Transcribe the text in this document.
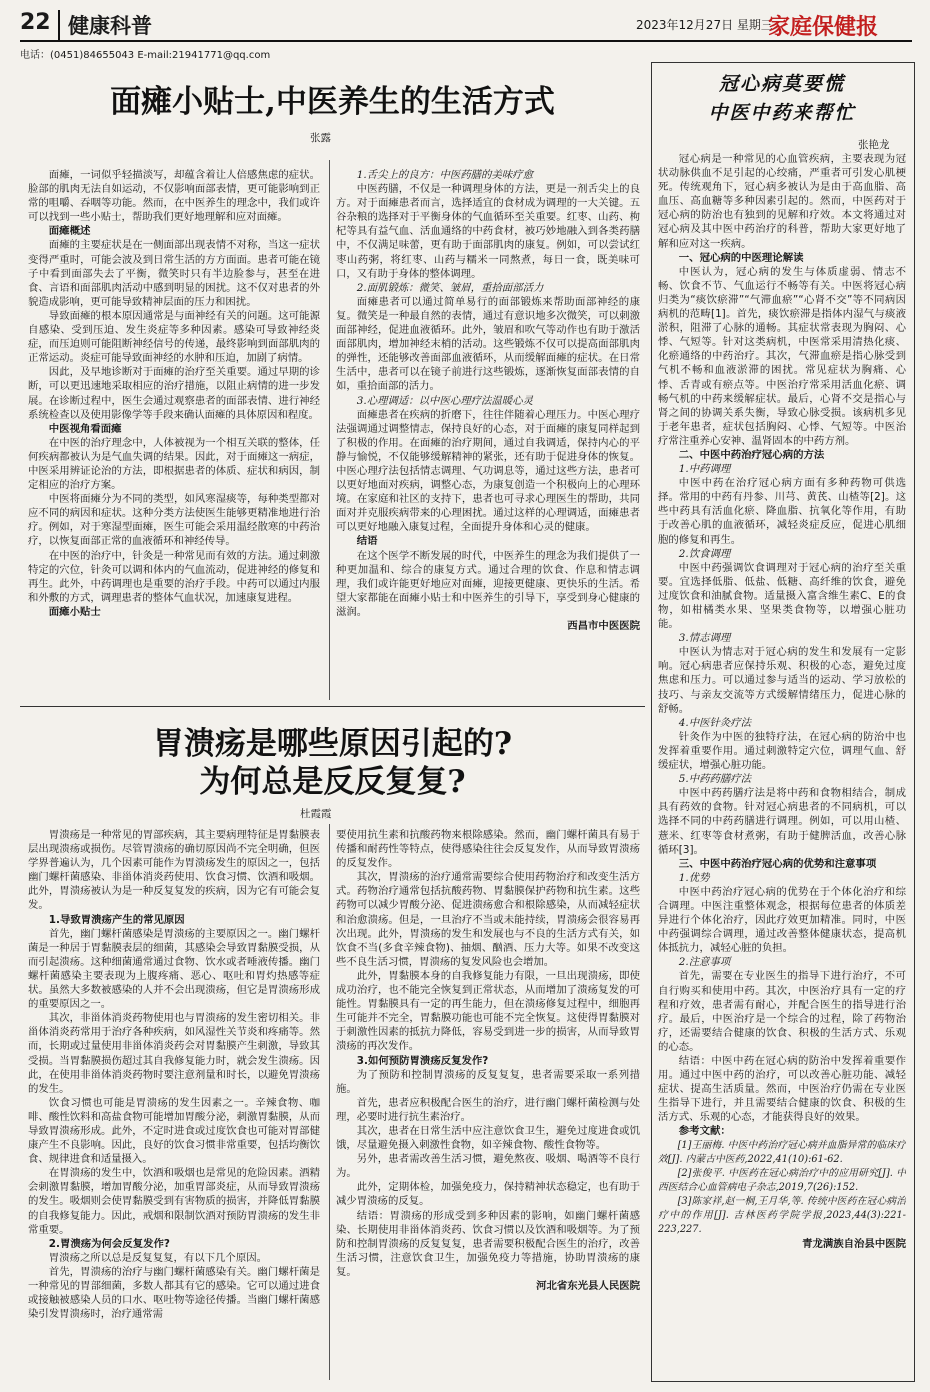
22 健康科普	2023年12月27日 星期三
家庭保健报
电话：(0451)84655043 E-mail:21941771@qq.com
面瘫小贴士,中医养生的生活方式
张露

面瘫，一词似乎轻描淡写，却蕴含着让人倍感焦虑的症状。脸部的肌肉无法自如运动，不仅影响面部表情，更可能影响到正常的咀嚼、吞咽等功能。然而，在中医养生的理念中，我们或许可以找到一些小贴士，帮助我们更好地理解和应对面瘫。

面瘫概述

面瘫的主要症状是在一侧面部出现表情不对称，当这一症状变得严重时，可能会波及到日常生活的方方面面。患者可能在镜子中看到面部失去了平衡，微笑时只有半边脸参与，甚至在进食、言语和面部肌肉活动中感到明显的困扰。这不仅对患者的外貌造成影响，更可能导致精神层面的压力和困扰。

导致面瘫的根本原因通常是与面神经有关的问题。这可能源自感染、受到压迫、发生炎症等多种因素。感染可导致神经炎症，而压迫则可能阻断神经信号的传递，最终影响到面部肌肉的正常运动。炎症可能导致面神经的水肿和压迫，加剧了病情。

因此，及早地诊断对于面瘫的治疗至关重要。通过早期的诊断，可以更迅速地采取相应的治疗措施，以阻止病情的进一步发展。在诊断过程中，医生会通过观察患者的面部表情、进行神经系统检查以及使用影像学等手段来确认面瘫的具体原因和程度。

中医视角看面瘫

在中医的治疗理念中，人体被视为一个相互关联的整体，任何疾病都被认为是气血失调的结果。因此，对于面瘫这一病症，中医采用辨证论治的方法，即根据患者的体质、症状和病因，制定相应的治疗方案。

中医将面瘫分为不同的类型，如风寒湿痰等，每种类型都对应不同的病因和症状。这种分类方法使医生能够更精准地进行治疗。例如，对于寒湿型面瘫，医生可能会采用温经散寒的中药治疗，以恢复面部正常的血液循环和神经传导。

在中医的治疗中，针灸是一种常见而有效的方法。通过刺激特定的穴位，针灸可以调和体内的气血流动，促进神经的修复和再生。此外，中药调理也是重要的治疗手段。中药可以通过内服和外敷的方式，调理患者的整体气血状况，加速康复进程。

面瘫小贴士
1.舌尖上的良方：中医药膳的美味疗愈

中医药膳，不仅是一种调理身体的方法，更是一剂舌尖上的良方。对于面瘫患者而言，选择适宜的食材成为调理的一大关键。五谷杂粮的选择对于平衡身体的气血循环至关重要。红枣、山药、枸杞等具有益气血、活血通络的中药食材，被巧妙地融入到各类药膳中，不仅满足味蕾，更有助于面部肌肉的康复。例如，可以尝试红枣山药粥，将红枣、山药与糯米一同熬煮，每日一食，既美味可口，又有助于身体的整体调理。

2.面肌锻炼：微笑、皱眉，重拾面部活力

面瘫患者可以通过简单易行的面部锻炼来帮助面部神经的康复。微笑是一种最自然的表情，通过有意识地多次微笑，可以刺激面部神经，促进血液循环。此外，皱眉和吹气等动作也有助于激活面部肌肉，增加神经末梢的活动。这些锻炼不仅可以提高面部肌肉的弹性，还能够改善面部血液循环，从而缓解面瘫的症状。在日常生活中，患者可以在镜子前进行这些锻炼，逐渐恢复面部表情的自如，重拾面部的活力。

3.心理调适：以中医心理疗法温暖心灵

面瘫患者在疾病的折磨下，往往伴随着心理压力。中医心理疗法强调通过调整情志，保持良好的心态，对于面瘫的康复同样起到了积极的作用。在面瘫的治疗期间，通过自我调适，保持内心的平静与愉悦，不仅能够缓解精神的紧张，还有助于促进身体的恢复。中医心理疗法包括情志调理、气功调息等，通过这些方法，患者可以更好地面对疾病，调整心态，为康复创造一个积极向上的心理环境。在家庭和社区的支持下，患者也可寻求心理医生的帮助，共同面对并克服疾病带来的心理困扰。通过这样的心理调适，面瘫患者可以更好地融入康复过程，全面提升身体和心灵的健康。

结语

在这个医学不断发展的时代，中医养生的理念为我们提供了一种更加温和、综合的康复方式。通过合理的饮食、作息和情志调理，我们或许能更好地应对面瘫，迎接更健康、更快乐的生活。希望大家都能在面瘫小贴士和中医养生的引导下，享受到身心健康的滋润。

西昌市中医医院

胃溃疡是哪些原因引起的?
为何总是反反复复?
杜霞霞

胃溃疡是一种常见的胃部疾病，其主要病理特征是胃黏膜表层出现溃疡或损伤。尽管胃溃疡的确切原因尚不完全明确，但医学界普遍认为，几个因素可能作为胃溃疡发生的原因之一，包括幽门螺杆菌感染、非甾体消炎药使用、饮食习惯、饮酒和吸烟。此外，胃溃疡被认为是一种反复复发的疾病，因为它有可能会复发。

1.导致胃溃疡产生的常见原因

首先，幽门螺杆菌感染是胃溃疡的主要原因之一。幽门螺杆菌是一种居于胃黏膜表层的细菌，其感染会导致胃黏膜受损，从而引起溃疡。这种细菌通常通过食物、饮水或者唾液传播。幽门螺杆菌感染主要表现为上腹疼痛、恶心、呕吐和胃灼热感等症状。虽然大多数被感染的人并不会出现溃疡，但它是胃溃疡形成的重要原因之一。

其次，非甾体消炎药物使用也与胃溃疡的发生密切相关。非甾体消炎药常用于治疗各种疾病，如风湿性关节炎和疼痛等。然而，长期或过量使用非甾体消炎药会对胃黏膜产生刺激，导致其受损。当胃黏膜损伤超过其自我修复能力时，就会发生溃疡。因此，在使用非甾体消炎药物时要注意剂量和时长，以避免胃溃疡的发生。

饮食习惯也可能是胃溃疡的发生因素之一。辛辣食物、咖啡、酸性饮料和高盐食物可能增加胃酸分泌，刺激胃黏膜，从而导致胃溃疡形成。此外，不定时进食或过度饮食也可能对胃部健康产生不良影响。因此，良好的饮食习惯非常重要，包括均衡饮食、规律进食和适量摄入。

在胃溃疡的发生中，饮酒和吸烟也是常见的危险因素。酒精会刺激胃黏膜，增加胃酸分泌，加重胃部炎症，从而导致胃溃疡的发生。吸烟则会使胃黏膜受到有害物质的损害，并降低胃黏膜的自我修复能力。因此，戒烟和限制饮酒对预防胃溃疡的发生非常重要。

2.胃溃疡为何会反复发作?

胃溃疡之所以总是反复复复，有以下几个原因。

首先，胃溃疡的治疗与幽门螺杆菌感染有关。幽门螺杆菌是一种常见的胃部细菌，多数人都其有它的感染。它可以通过进食或接触被感染人员的口水、呕吐物等途径传播。当幽门螺杆菌感染引发胃溃疡时，治疗通常需

要使用抗生素和抗酸药物来根除感染。然而，幽门螺杆菌具有易于传播和耐药性等特点，使得感染往往会反复发作，从而导致胃溃疡的反复发作。

其次，胃溃疡的治疗通常需要综合使用药物治疗和改变生活方式。药物治疗通常包括抗酸药物、胃黏膜保护药物和抗生素。这些药物可以减少胃酸分泌、促进溃疡愈合和根除感染，从而减轻症状和治愈溃疡。但是，一旦治疗不当或未能持续，胃溃疡会很容易再次出现。此外，胃溃疡的发生和发展也与不良的生活方式有关，如饮食不当(多食辛辣食物)、抽烟、酗酒、压力大等。如果不改变这些不良生活习惯，胃溃疡的复发风险也会增加。

此外，胃黏膜本身的自我修复能力有限，一旦出现溃疡，即使成功治疗，也不能完全恢复到正常状态，从而增加了溃疡复发的可能性。胃黏膜具有一定的再生能力，但在溃疡修复过程中，细胞再生可能并不完全，胃黏膜功能也可能不完全恢复。这使得胃黏膜对于刺激性因素的抵抗力降低，容易受到进一步的损害，从而导致胃溃疡的再次发作。

3.如何预防胃溃疡反复发作?

为了预防和控制胃溃疡的反复复复，患者需要采取一系列措施。

首先，患者应积极配合医生的治疗，进行幽门螺杆菌检测与处理，必要时进行抗生素治疗。

其次，患者在日常生活中应注意饮食卫生，避免过度进食或饥饿，尽量避免摄入刺激性食物，如辛辣食物、酸性食物等。

另外，患者需改善生活习惯，避免熬夜、吸烟、喝酒等不良行为。

此外，定期体检，加强免疫力，保持精神状态稳定，也有助于减少胃溃疡的反复。

结语：胃溃疡的形成受到多种因素的影响，如幽门螺杆菌感染、长期使用非甾体消炎药、饮食习惯以及饮酒和吸烟等。为了预防和控制胃溃疡的反复复复，患者需要积极配合医生的治疗，改善生活习惯，注意饮食卫生，加强免疫力等措施，协助胃溃疡的康复。

河北省东光县人民医院

冠心病莫要慌
中医中药来帮忙
张艳龙

冠心病是一种常见的心血管疾病，主要表现为冠状动脉供血不足引起的心绞痛，严重者可引发心肌梗死。传统观角下，冠心病多被认为是由于高血脂、高血压、高血糖等多种因素引起的。然而，中医药对于冠心病的防治也有独到的见解和疗效。本文将通过对冠心病及其中医中药治疗的科普，帮助大家更好地了解和应对这一疾病。

一、冠心病的中医理论解读

中医认为，冠心病的发生与体质虚弱、情志不畅、饮食不节、气血运行不畅等有关。中医将冠心病归类为“痰饮瘀滞”“气滞血瘀”“心肾不交”等不同病因病机的范畴[1]。首先，痰饮瘀滞是指体内湿气与痰液淤积，阻滞了心脉的通畅。其症状常表现为胸闷、心悸、气短等。针对这类病机，中医常采用清热化痰、化瘀通络的中药治疗。其次，气滞血瘀是指心脉受到气机不畅和血液淤滞的困扰。常见症状为胸痛、心悸、舌青或有瘀点等。中医治疗常采用活血化瘀、调畅气机的中药来缓解症状。最后，心肾不交是指心与肾之间的协调关系失衡，导致心脉受损。该病机多见于老年患者，症状包括胸闷、心悸、气短等。中医治疗常注重养心安神、温肾固本的中药方剂。

二、中医中药治疗冠心病的方法
1.中药调理

中医中药在治疗冠心病方面有多种药物可供选择。常用的中药有丹参、川芎、黄芪、山楂等[2]。这些中药具有活血化瘀、降血脂、抗氧化等作用，有助于改善心肌的血液循环，减轻炎症反应，促进心肌细胞的修复和再生。

2.饮食调理

中医中药强调饮食调理对于冠心病的治疗至关重要。宜选择低脂、低盐、低糖、高纤维的饮食，避免过度饮食和油腻食物。适量摄入富含维生素C、E的食物，如柑橘类水果、坚果类食物等，以增强心脏功能。

3.情志调理

中医认为情志对于冠心病的发生和发展有一定影响。冠心病患者应保持乐观、积极的心态，避免过度焦虑和压力。可以通过参与适当的运动、学习放松的技巧、与亲友交流等方式缓解情绪压力，促进心脉的舒畅。

4.中医针灸疗法

针灸作为中医的独特疗法，在冠心病的防治中也发挥着重要作用。通过刺激特定穴位，调理气血、舒缓症状，增强心脏功能。

5.中药药膳疗法

中医中药药膳疗法是将中药和食物相结合，制成具有药效的食物。针对冠心病患者的不同病机，可以选择不同的中药药膳进行调理。例如，可以用山楂、薏米、红枣等食材煮粥，有助于健脾活血，改善心脉循环[3]。

三、中医中药治疗冠心病的优势和注意事项
1.优势

中医中药治疗冠心病的优势在于个体化治疗和综合调理。中医注重整体观念，根据每位患者的体质差异进行个体化治疗，因此疗效更加精准。同时，中医中药强调综合调理，通过改善整体健康状态，提高机体抵抗力，减轻心脏的负担。

2.注意事项

首先，需要在专业医生的指导下进行治疗，不可自行购买和使用中药。其次，中医治疗具有一定的疗程和疗效，患者需有耐心，并配合医生的指导进行治疗。最后，中医治疗是一个综合的过程，除了药物治疗，还需要结合健康的饮食、积极的生活方式、乐观的心态。

结语：中医中药在冠心病的防治中发挥着重要作用。通过中医中药的治疗，可以改善心脏功能、减轻症状、提高生活质量。然而，中医治疗仍需在专业医生指导下进行，并且需要结合健康的饮食、积极的生活方式、乐观的心态，才能获得良好的效果。

参考文献：

[1]王丽梅. 中医中药治疗冠心病并血脂异常的临床疗效[J]. 内蒙古中医药,2022,41(10):61-62.

[2]张俊平. 中医药在冠心病治疗中的应用研究[J]. 中西医结合心血管病电子杂志,2019,7(26):152.

[3]陈家祥,赵一桐,王月华,等. 传统中医药在冠心病治疗中的作用[J]. 吉林医药学院学报,2023,44(3):221-223,227.

青龙满族自治县中医院
